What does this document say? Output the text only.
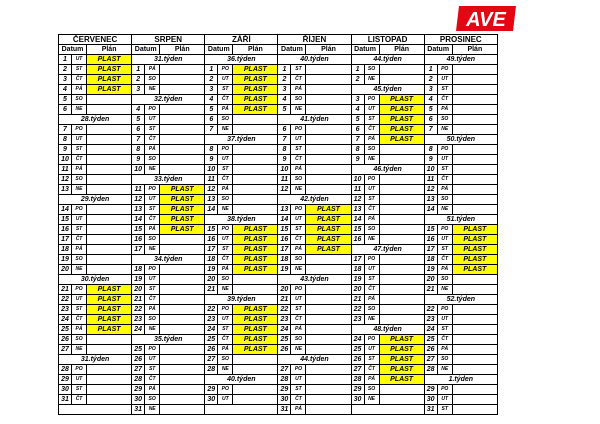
AVE
ČERVENEC			SRPEN			ZÁŘÍ			ŘÍJEN			LISTOPAD			PROSINEC		
Datum		Plán	Datum		Plán	Datum		Plán	Datum		Plán	Datum		Plán	Datum		Plán
1	UT	PLAST	31.týden			36.týden			40.týden			44.týden			49.týden		
2	ST	PLAST	1	PÁ		1	PO	PLAST	1	ST		1	SO		1	PO	
3	ČT	PLAST	2	SO		2	UT	PLAST	2	ČT		2	NE		2	UT	
4	PÁ	PLAST	3	NE		3	ST	PLAST	3	PÁ		45.týden			3	ST	
5	SO		32.týden			4	ČT	PLAST	4	SO		3	PO	PLAST	4	ČT	
6	NE		4	PO		5	PÁ	PLAST	5	NE		4	UT	PLAST	5	PÁ	
28.týden			5	UT		6	SO		41.týden			5	ST	PLAST	6	SO	
7	PO		6	ST		7	NE		6	PO		6	ČT	PLAST	7	NE	
8	UT		7	ČT		37.týden			7	UT		7	PÁ	PLAST	50.týden		
9	ST		8	PÁ		8	PO		8	ST		8	SO		8	PO	
10	ČT		9	SO		9	UT		9	ČT		9	NE		9	UT	
11	PÁ		10	NE		10	ST		10	PÁ		46.týden			10	ST	
12	SO		33.týden			11	ČT		11	SO		10	PO		11	ČT	
13	NE		11	PO	PLAST	12	PÁ		12	NE		11	UT		12	PÁ	
29.týden			12	UT	PLAST	13	SO		42.týden			12	ST		13	SO	
14	PO		13	ST	PLAST	14	NE		13	PO	PLAST	13	ČT		14	NE	
15	UT		14	ČT	PLAST	38.týden			14	UT	PLAST	14	PÁ		51.týden		
16	ST		15	PÁ	PLAST	15	PO	PLAST	15	ST	PLAST	15	SO		15	PO	PLAST
17	ČT		16	SO		16	UT	PLAST	16	ČT	PLAST	16	NE		16	UT	PLAST
18	PÁ		17	NE		17	ST	PLAST	17	PÁ	PLAST	47.týden			17	ST	PLAST
19	SO		34.týden			18	ČT	PLAST	18	SO		17	PO		18	ČT	PLAST
20	NE		18	PO		19	PÁ	PLAST	19	NE		18	UT		19	PÁ	PLAST
30.týden			19	UT		20	SO		43.týden			19	ST		20	SO	
21	PO	PLAST	20	ST		21	NE		20	PO		20	ČT		21	NE	
22	UT	PLAST	21	ČT		39.týden			21	UT		21	PÁ		52.týden		
23	ST	PLAST	22	PÁ		22	PO	PLAST	22	ST		22	SO		22	PO	
24	ČT	PLAST	23	SO		23	UT	PLAST	23	ČT		23	NE		23	UT	
25	PÁ	PLAST	24	NE		24	ST	PLAST	24	PÁ		48.týden			24	ST	
26	SO		35.týden			25	ČT	PLAST	25	SO		24	PO	PLAST	25	ČT	
27	NE		25	PO		26	PÁ	PLAST	26	NE		25	UT	PLAST	26	PÁ	
31.týden			26	UT		27	SO		44.týden			26	ST	PLAST	27	SO	
28	PO		27	ST		28	NE		27	PO		27	ČT	PLAST	28	NE	
29	UT		28	ČT		40.týden			28	UT		28	PÁ	PLAST	1.týden		
30	ST		29	PÁ		29	PO		29	ST		29	SO		29	PO	
31	ČT		30	SO		30	UT		30	ČT		30	NE		30	UT	
			31	NE					31	PÁ					31	ST	
